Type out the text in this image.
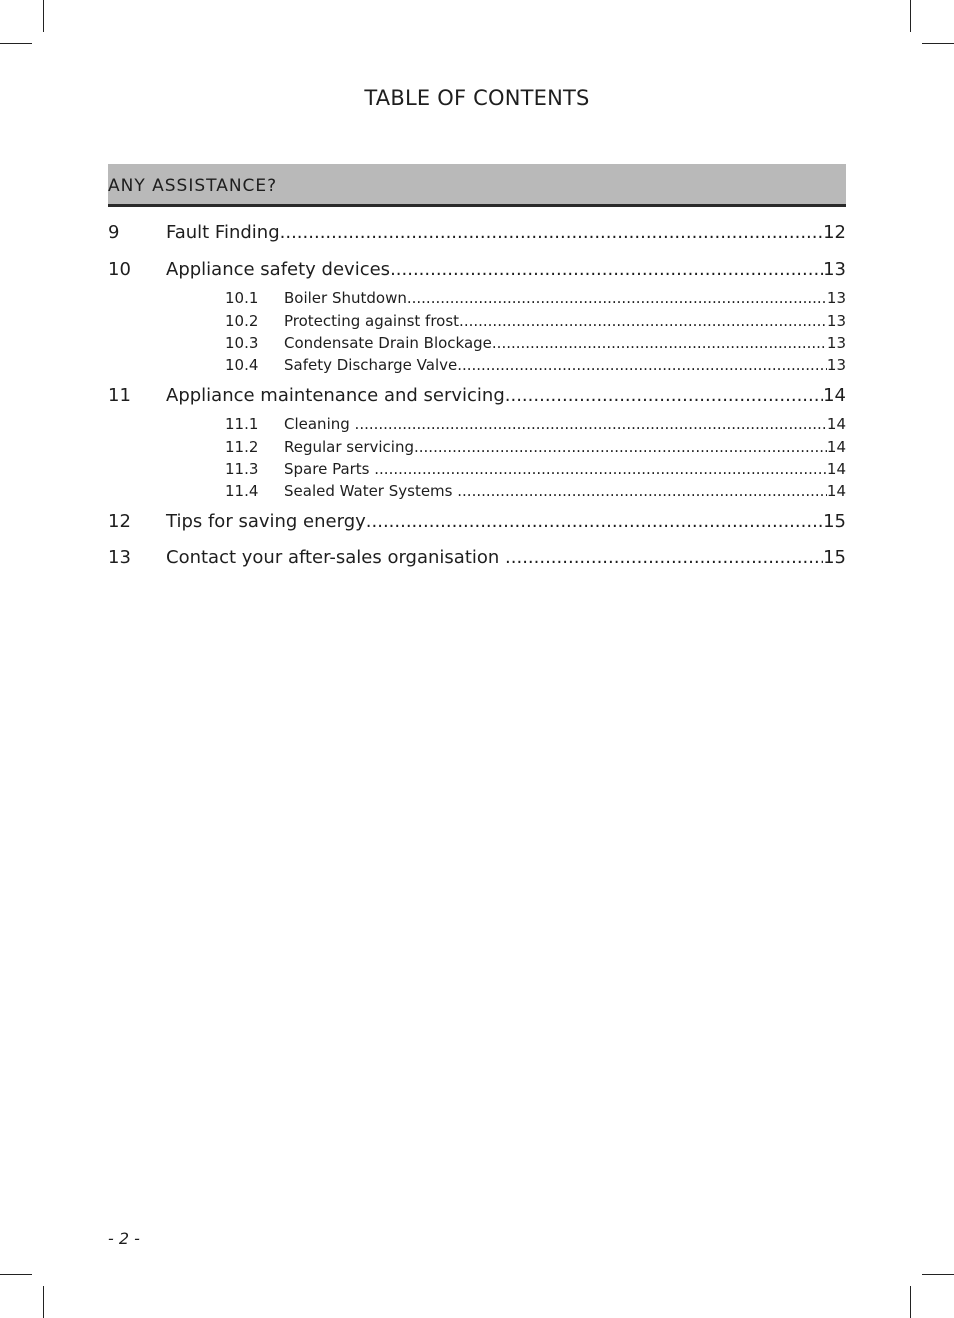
TABLE OF CONTENTS
ANY ASSISTANCE?
9	Fault Finding .....	12
10	Appliance safety devices .....	13
10.1	Boiler Shutdown .....	13
10.2	Protecting against frost .....	13
10.3	Condensate Drain Blockage .....	13
10.4	Safety Discharge Valve .....	13
11	Appliance maintenance and servicing .....	14
11.1	Cleaning .....	14
11.2	Regular servicing .....	14
11.3	Spare Parts .....	14
11.4	Sealed Water Systems .....	14
12	Tips for saving energy .....	15
13	Contact your after-sales organisation .....	15
- 2 -
